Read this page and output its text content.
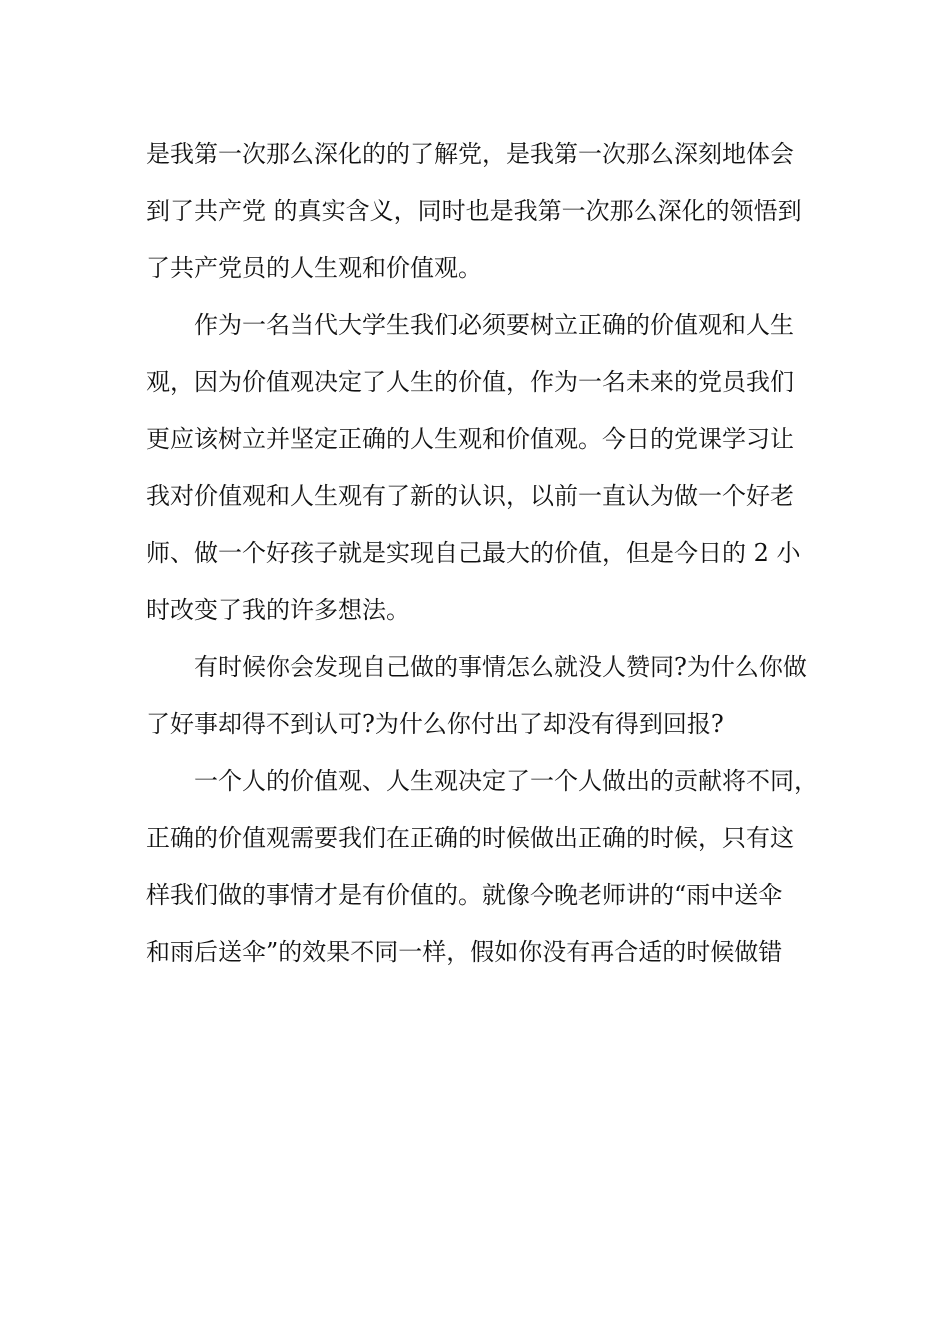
是我第一次那么深化的的了解党，是我第一次那么深刻地体会
到了共产党 的真实含义，同时也是我第一次那么深化的领悟到
了共产党员的人生观和价值观。
作为一名当代大学生我们必须要树立正确的价值观和人生
观，因为价值观决定了人生的价值，作为一名未来的党员我们
更应该树立并坚定正确的人生观和价值观。今日的党课学习让
我对价值观和人生观有了新的认识，以前一直认为做一个好老
师、做一个好孩子就是实现自己最大的价值，但是今日的 2 小
时改变了我的许多想法。
有时候你会发现自己做的事情怎么就没人赞同?为什么你做
了好事却得不到认可?为什么你付出了却没有得到回报?
一个人的价值观、人生观决定了一个人做出的贡献将不同，
正确的价值观需要我们在正确的时候做出正确的时候，只有这
样我们做的事情才是有价值的。就像今晚老师讲的“雨中送伞
和雨后送伞”的效果不同一样，假如你没有再合适的时候做错
